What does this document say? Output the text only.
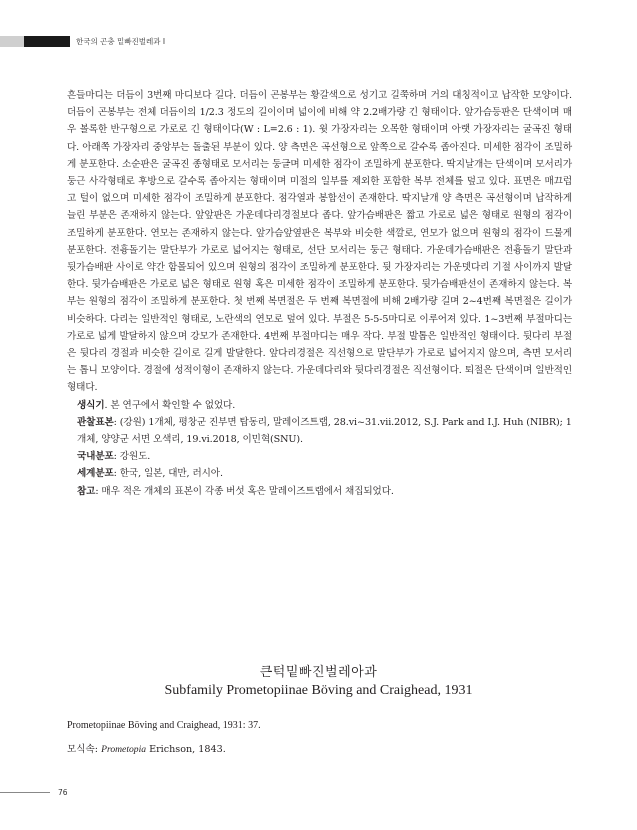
한국의 곤충 밑빠진벌레과 I

흔들마디는 더듬이 3번째 마디보다 길다. 더듬이 곤봉부는 황갈색으로 성기고 길쭉하며 거의 대칭적이고 납작한 모양이다. 더듬이 곤봉부는 전체 더듬이의 1/2.3 정도의 길이이며 넓이에 비해 약 2.2배가량 긴 형태이다. 앞가슴등판은 단색이며 매우 볼록한 반구형으로 가로로 긴 형태이다(W : L=2.6 : 1). 윗 가장자리는 오목한 형태이며 아랫 가장자리는 굴곡진 형태다. 아래쪽 가장자리 중앙부는 돌출된 부분이 있다. 양 측면은 곡선형으로 앞쪽으로 갈수록 좁아진다. 미세한 점각이 조밀하게 분포한다. 소순판은 굴곡진 종형태로 모서리는 둥글며 미세한 점각이 조밀하게 분포한다. 딱지날개는 단색이며 모서리가 둥근 사각형태로 후방으로 갈수록 좁아지는 형태이며 미절의 일부를 제외한 포함한 복부 전체를 덮고 있다. 표면은 매끄럽고 털이 없으며 미세한 점각이 조밀하게 분포한다. 점각열과 봉합선이 존재한다. 딱지날개 양 측면은 곡선형이며 납작하게 늘린 부분은 존재하지 않는다. 앞앞판은 가운데다리경절보다 좁다. 앞가슴배판은 짧고 가로로 넓은 형태로 원형의 점각이 조밀하게 분포한다. 연모는 존재하지 않는다. 앞가슴앞옆판은 복부와 비슷한 색깔로, 연모가 없으며 원형의 점각이 드물게 분포한다. 전흉돌기는 말단부가 가로로 넓어지는 형태로, 선단 모서리는 둥근 형태다. 가운데가슴배판은 전흉돌기 말단과 뒷가슴배판 사이로 약간 함몰되어 있으며 원형의 점각이 조밀하게 분포한다. 뒷 가장자리는 가운뎃다리 기절 사이까지 발달한다. 뒷가슴배판은 가로로 넓은 형태로 원형 혹은 미세한 점각이 조밀하게 분포한다. 뒷가슴배판선이 존재하지 않는다. 복부는 원형의 점각이 조밀하게 분포한다. 첫 번째 복면절은 두 번째 복면절에 비해 2배가량 길며 2~4번째 복면절은 길이가 비슷하다. 다리는 일반적인 형태로, 노란색의 연모로 덮여 있다. 부절은 5-5-5마디로 이루어져 있다. 1~3번째 부절마디는 가로로 넓게 발달하지 않으며 강모가 존재한다. 4번째 부절마디는 매우 작다. 부절 발톱은 일반적인 형태이다. 뒷다리 부절은 뒷다리 경절과 비슷한 길이로 길게 발달한다. 앞다리경절은 직선형으로 말단부가 가로로 넓어지지 않으며, 측면 모서리는 톱니 모양이다. 경절에 성적이형이 존재하지 않는다. 가운데다리와 뒷다리경절은 직선형이다. 퇴절은 단색이며 일반적인 형태다.

생식기. 본 연구에서 확인할 수 없었다.

관찰표본: (강원) 1개체, 평창군 진부면 탑동리, 말레이즈트랩, 28.vi~31.vii.2012, S.J. Park and I.J. Huh (NIBR); 1개체, 양양군 서면 오색리, 19.vi.2018, 이민혁(SNU).

국내분포: 강원도.

세계분포: 한국, 일본, 대만, 러시아.

참고: 매우 적은 개체의 표본이 각종 버섯 혹은 말레이즈트랩에서 채집되었다.

큰턱밑빠진벌레아과
Subfamily Prometopiinae Böving and Craighead, 1931
Prometopiinae Böving and Craighead, 1931: 37.
모식속: Prometopia Erichson, 1843.
76
